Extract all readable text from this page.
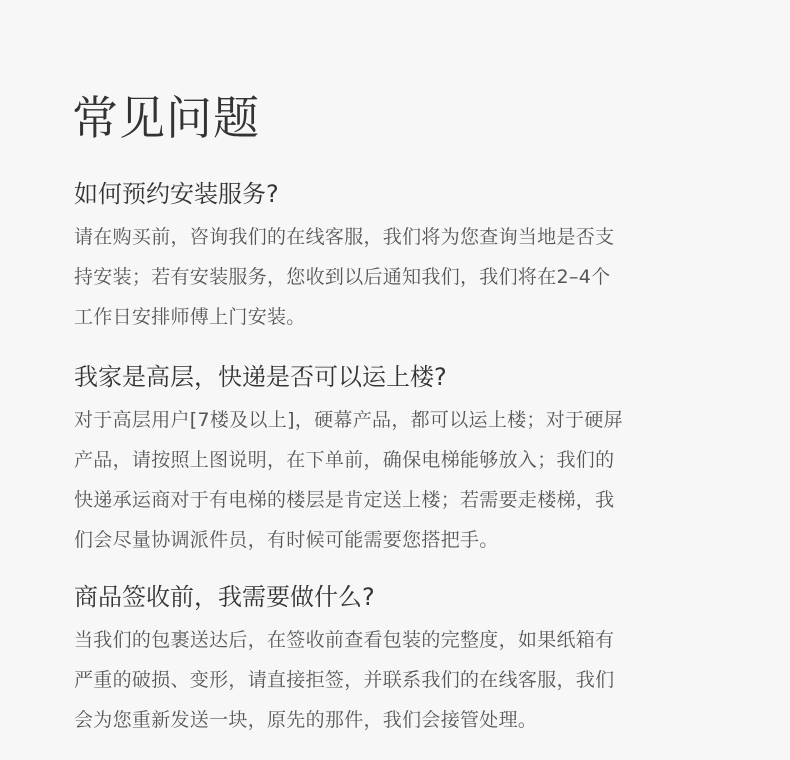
常见问题
如何预约安装服务?

请在购买前，咨询我们的在线客服，我们将为您查询当地是否支
持安装；若有安装服务，您收到以后通知我们，我们将在2–4个
工作日安排师傅上门安装。

我家是高层，快递是否可以运上楼?

对于高层用户[7楼及以上]，硬幕产品，都可以运上楼；对于硬屏
产品，请按照上图说明，在下单前，确保电梯能够放入；我们的
快递承运商对于有电梯的楼层是肯定送上楼；若需要走楼梯，我
们会尽量协调派件员，有时候可能需要您搭把手。

商品签收前，我需要做什么?

当我们的包裹送达后，在签收前查看包装的完整度，如果纸箱有
严重的破损、变形，请直接拒签，并联系我们的在线客服，我们
会为您重新发送一块，原先的那件，我们会接管处理。
